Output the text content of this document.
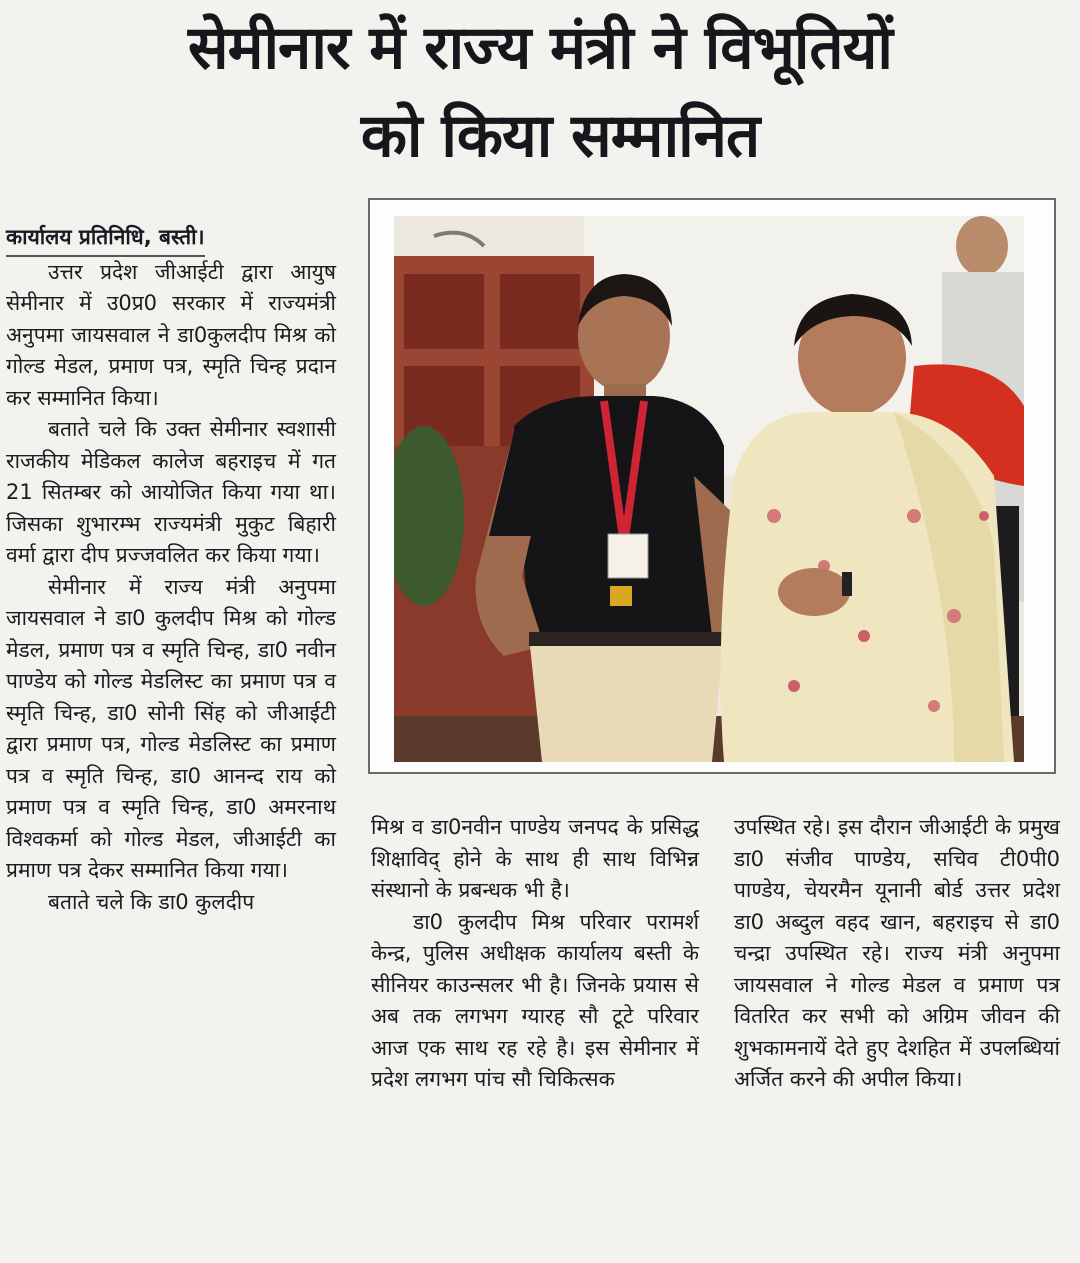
सेमीनार में राज्य मंत्री ने विभूतियों
को किया सम्मानित

कार्यालय प्रतिनिधि, बस्ती।

उत्तर प्रदेश जीआईटी द्वारा आयुष सेमीनार में उ0प्र0 सरकार में राज्यमंत्री अनुपमा जायसवाल ने डा0कुलदीप मिश्र को गोल्ड मेडल, प्रमाण पत्र, स्मृति चिन्ह प्रदान कर सम्मानित किया।

बताते चले कि उक्त सेमीनार स्वशासी राजकीय मेडिकल कालेज बहराइच में गत 21 सितम्बर को आयोजित किया गया था। जिसका शुभारम्भ राज्यमंत्री मुकुट बिहारी वर्मा द्वारा दीप प्रज्जवलित कर किया गया।

सेमीनार में राज्य मंत्री अनुपमा जायसवाल ने डा0 कुलदीप मिश्र को गोल्ड मेडल, प्रमाण पत्र व स्मृति चिन्ह, डा0 नवीन पाण्डेय को गोल्ड मेडलिस्ट का प्रमाण पत्र व स्मृति चिन्ह, डा0 सोनी सिंह को जीआईटी द्वारा प्रमाण पत्र, गोल्ड मेडलिस्ट का प्रमाण पत्र व स्मृति चिन्ह, डा0 आनन्द राय को प्रमाण पत्र व स्मृति चिन्ह, डा0 अमरनाथ विश्वकर्मा को गोल्ड मेडल, जीआईटी का प्रमाण पत्र देकर सम्मानित किया गया।

बताते चले कि डा0 कुलदीप

मिश्र व डा0नवीन पाण्डेय जनपद के प्रसिद्ध शिक्षाविद् होने के साथ ही साथ विभिन्न संस्थानो के प्रबन्धक भी है।

डा0 कुलदीप मिश्र परिवार परामर्श केन्द्र, पुलिस अधीक्षक कार्यालय बस्ती के सीनियर काउन्सलर भी है। जिनके प्रयास से अब तक लगभग ग्यारह सौ टूटे परिवार आज एक साथ रह रहे है। इस सेमीनार में प्रदेश लगभग पांच सौ चिकित्सक

उपस्थित रहे। इस दौरान जीआईटी के प्रमुख डा0 संजीव पाण्डेय, सचिव टी0पी0 पाण्डेय, चेयरमैन यूनानी बोर्ड उत्तर प्रदेश डा0 अब्दुल वहद खान, बहराइच से डा0 चन्द्रा उपस्थित रहे। राज्य मंत्री अनुपमा जायसवाल ने गोल्ड मेडल व प्रमाण पत्र वितरित कर सभी को अग्रिम जीवन की शुभकामनायें देते हुए देशहित में उपलब्धियां अर्जित करने की अपील किया।
